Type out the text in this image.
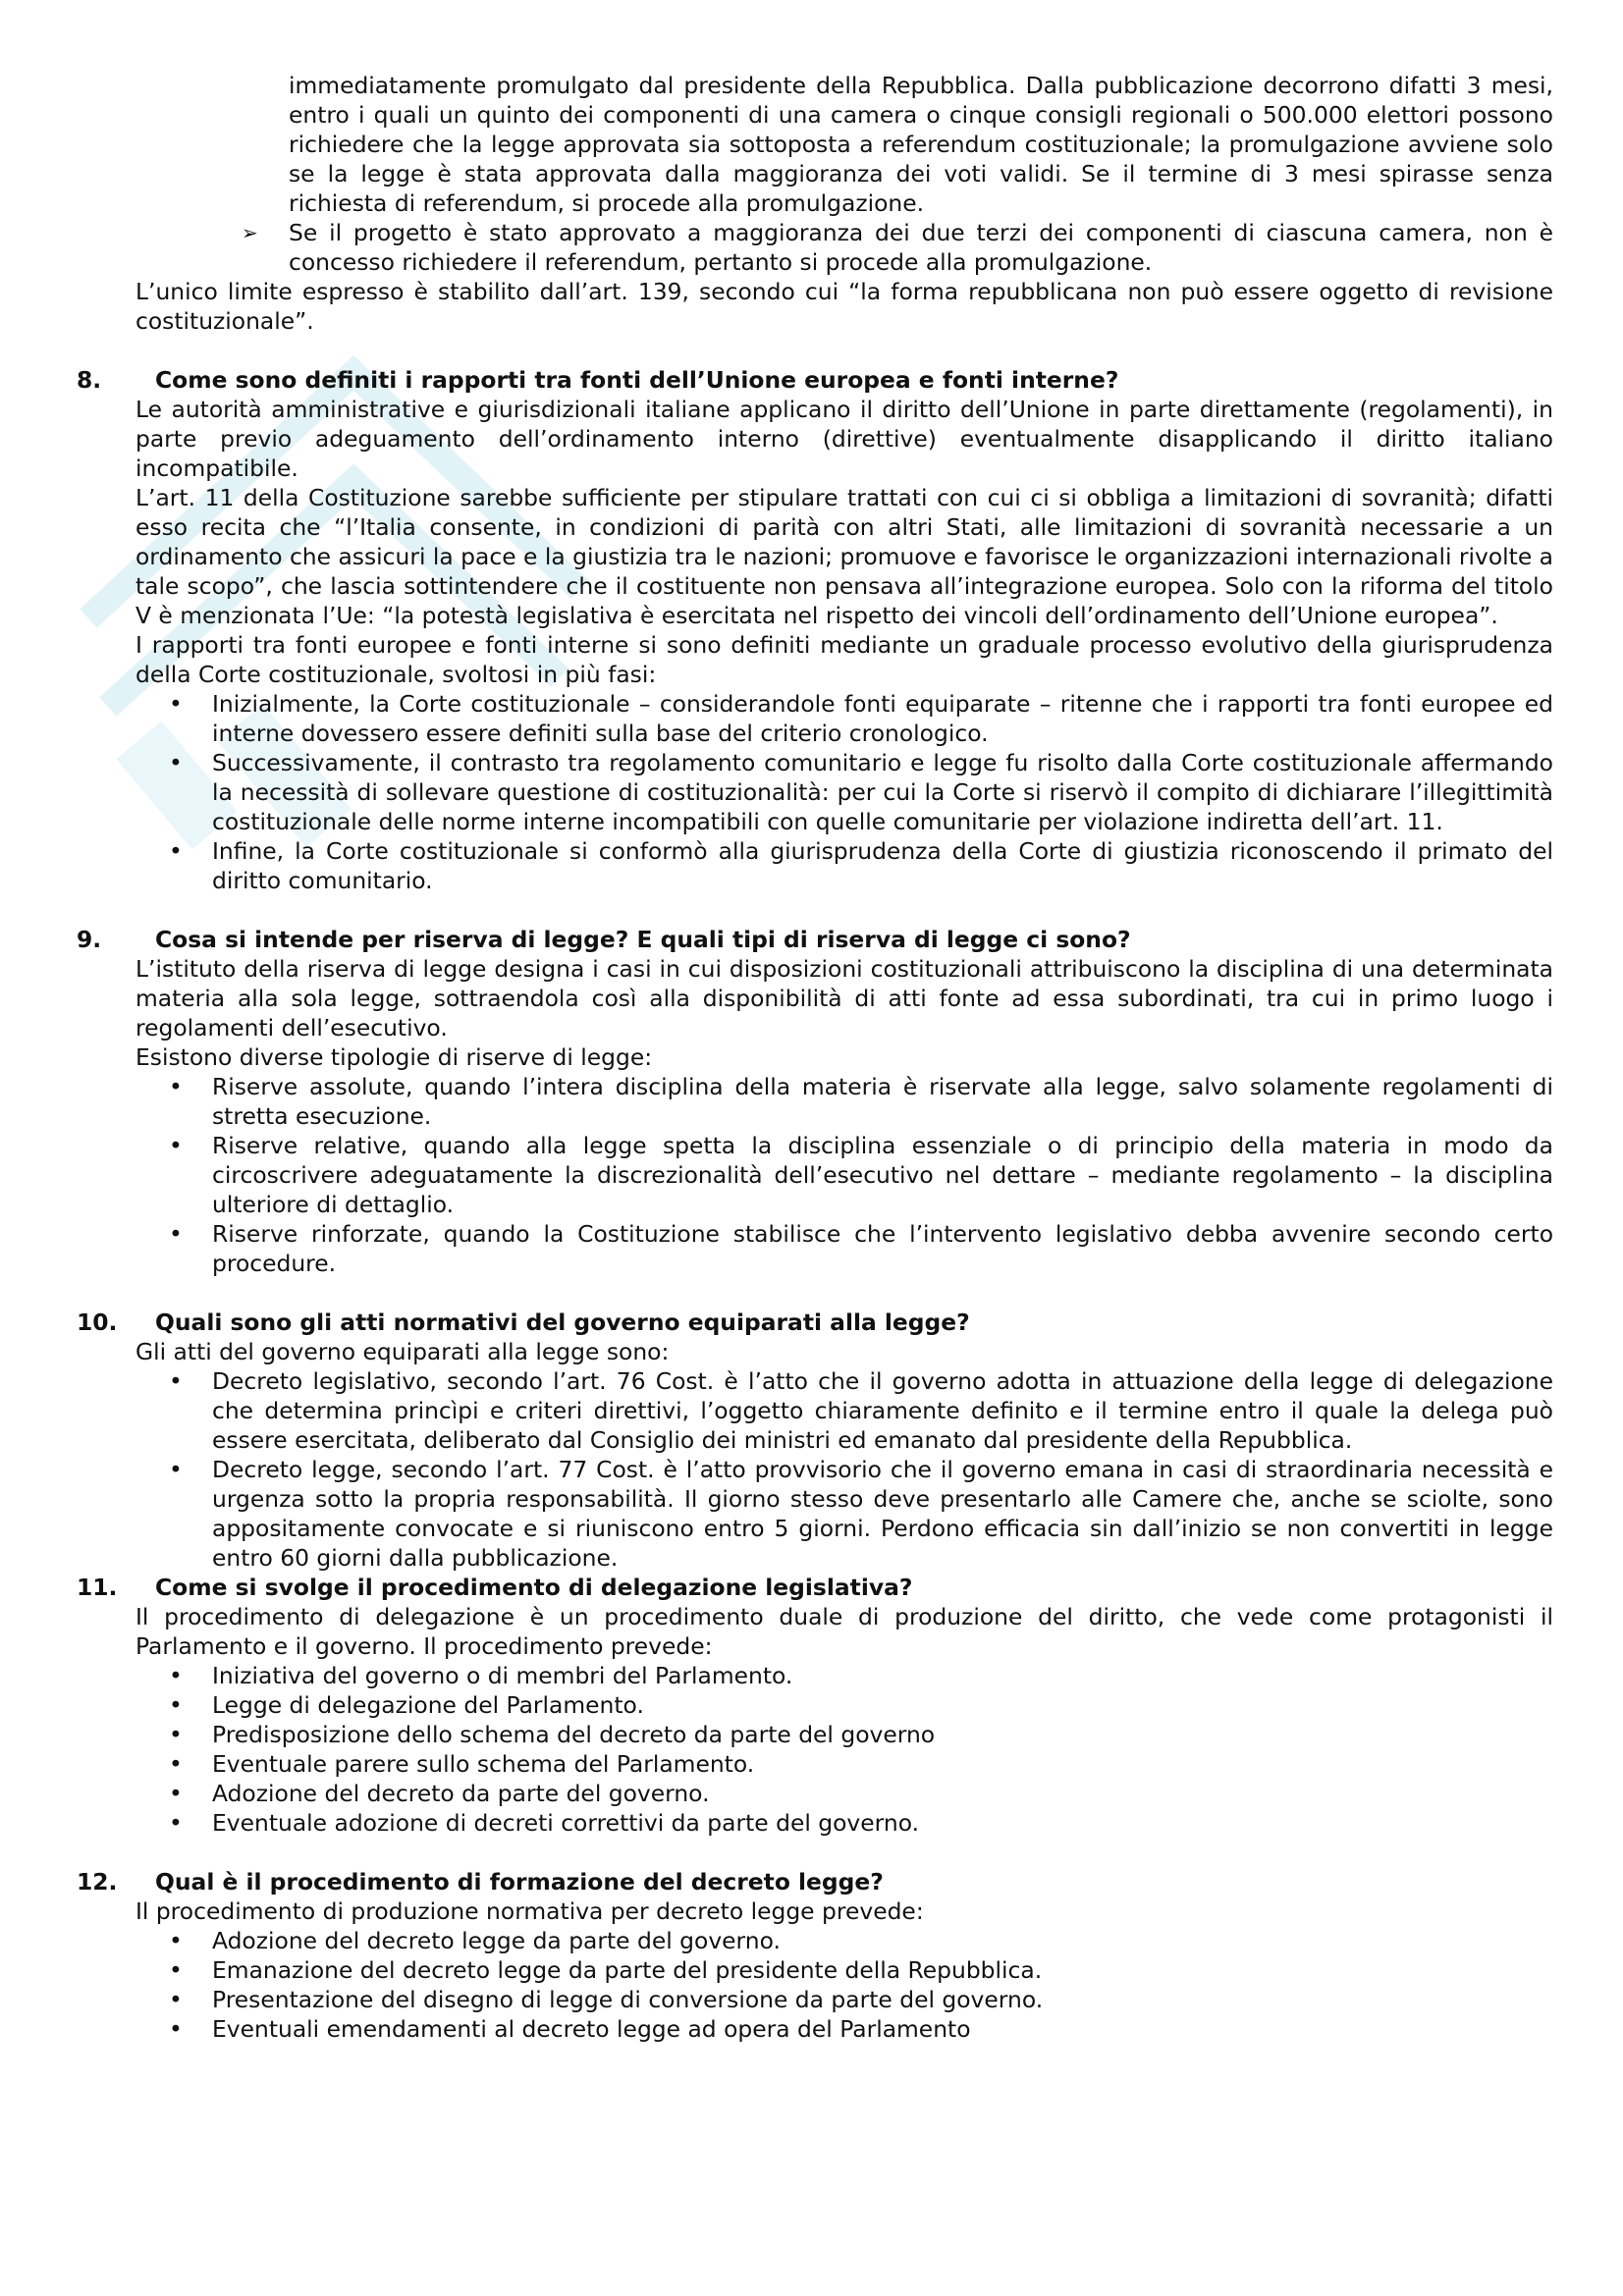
immediatamente promulgato dal presidente della Repubblica. Dalla pubblicazione decorrono difatti 3 mesi, entro i quali un quinto dei componenti di una camera o cinque consigli regionali o 500.000 elettori possono richiedere che la legge approvata sia sottoposta a referendum costituzionale; la promulgazione avviene solo se la legge è stata approvata dalla maggioranza dei voti validi. Se il termine di 3 mesi spirasse senza richiesta di referendum, si procede alla promulgazione.

➢	Se il progetto è stato approvato a maggioranza dei due terzi dei componenti di ciascuna camera, non è concesso richiedere il referendum, pertanto si procede alla promulgazione.

L’unico limite espresso è stabilito dall’art. 139, secondo cui “la forma repubblicana non può essere oggetto di revisione costituzionale”.

8.	Come sono definiti i rapporti tra fonti dell’Unione europea e fonti interne?

Le autorità amministrative e giurisdizionali italiane applicano il diritto dell’Unione in parte direttamente (regolamenti), in parte previo adeguamento dell’ordinamento interno (direttive) eventualmente disapplicando il diritto italiano incompatibile.

L’art. 11 della Costituzione sarebbe sufficiente per stipulare trattati con cui ci si obbliga a limitazioni di sovranità; difatti esso recita che “l’Italia consente, in condizioni di parità con altri Stati, alle limitazioni di sovranità necessarie a un ordinamento che assicuri la pace e la giustizia tra le nazioni; promuove e favorisce le organizzazioni internazionali rivolte a tale scopo”, che lascia sottintendere che il costituente non pensava all’integrazione europea. Solo con la riforma del titolo V è menzionata l’Ue: “la potestà legislativa è esercitata nel rispetto dei vincoli dell’ordinamento dell’Unione europea”.

I rapporti tra fonti europee e fonti interne si sono definiti mediante un graduale processo evolutivo della giurisprudenza della Corte costituzionale, svoltosi in più fasi:

•	Inizialmente, la Corte costituzionale – considerandole fonti equiparate – ritenne che i rapporti tra fonti europee ed interne dovessero essere definiti sulla base del criterio cronologico.
•	Successivamente, il contrasto tra regolamento comunitario e legge fu risolto dalla Corte costituzionale affermando la necessità di sollevare questione di costituzionalità: per cui la Corte si riservò il compito di dichiarare l’illegittimità costituzionale delle norme interne incompatibili con quelle comunitarie per violazione indiretta dell’art. 11.
•	Infine, la Corte costituzionale si conformò alla giurisprudenza della Corte di giustizia riconoscendo il primato del diritto comunitario.
9.	Cosa si intende per riserva di legge? E quali tipi di riserva di legge ci sono?

L’istituto della riserva di legge designa i casi in cui disposizioni costituzionali attribuiscono la disciplina di una determinata materia alla sola legge, sottraendola così alla disponibilità di atti fonte ad essa subordinati, tra cui in primo luogo i regolamenti dell’esecutivo.

Esistono diverse tipologie di riserve di legge:

•	Riserve assolute, quando l’intera disciplina della materia è riservate alla legge, salvo solamente regolamenti di stretta esecuzione.
•	Riserve relative, quando alla legge spetta la disciplina essenziale o di principio della materia in modo da circoscrivere adeguatamente la discrezionalità dell’esecutivo nel dettare – mediante regolamento – la disciplina ulteriore di dettaglio.
•	Riserve rinforzate, quando la Costituzione stabilisce che l’intervento legislativo debba avvenire secondo certo procedure.
10.	Quali sono gli atti normativi del governo equiparati alla legge?

Gli atti del governo equiparati alla legge sono:

•	Decreto legislativo, secondo l’art. 76 Cost. è l’atto che il governo adotta in attuazione della legge di delegazione che determina princìpi e criteri direttivi, l’oggetto chiaramente definito e il termine entro il quale la delega può essere esercitata, deliberato dal Consiglio dei ministri ed emanato dal presidente della Repubblica.
•	Decreto legge, secondo l’art. 77 Cost. è l’atto provvisorio che il governo emana in casi di straordinaria necessità e urgenza sotto la propria responsabilità. Il giorno stesso deve presentarlo alle Camere che, anche se sciolte, sono appositamente convocate e si riuniscono entro 5 giorni. Perdono efficacia sin dall’inizio se non convertiti in legge entro 60 giorni dalla pubblicazione.
11.	Come si svolge il procedimento di delegazione legislativa?

Il procedimento di delegazione è un procedimento duale di produzione del diritto, che vede come protagonisti il Parlamento e il governo. Il procedimento prevede:

•	Iniziativa del governo o di membri del Parlamento.
•	Legge di delegazione del Parlamento.
•	Predisposizione dello schema del decreto da parte del governo
•	Eventuale parere sullo schema del Parlamento.
•	Adozione del decreto da parte del governo.
•	Eventuale adozione di decreti correttivi da parte del governo.
12.	Qual è il procedimento di formazione del decreto legge?

Il procedimento di produzione normativa per decreto legge prevede:

•	Adozione del decreto legge da parte del governo.
•	Emanazione del decreto legge da parte del presidente della Repubblica.
•	Presentazione del disegno di legge di conversione da parte del governo.
•	Eventuali emendamenti al decreto legge ad opera del Parlamento
